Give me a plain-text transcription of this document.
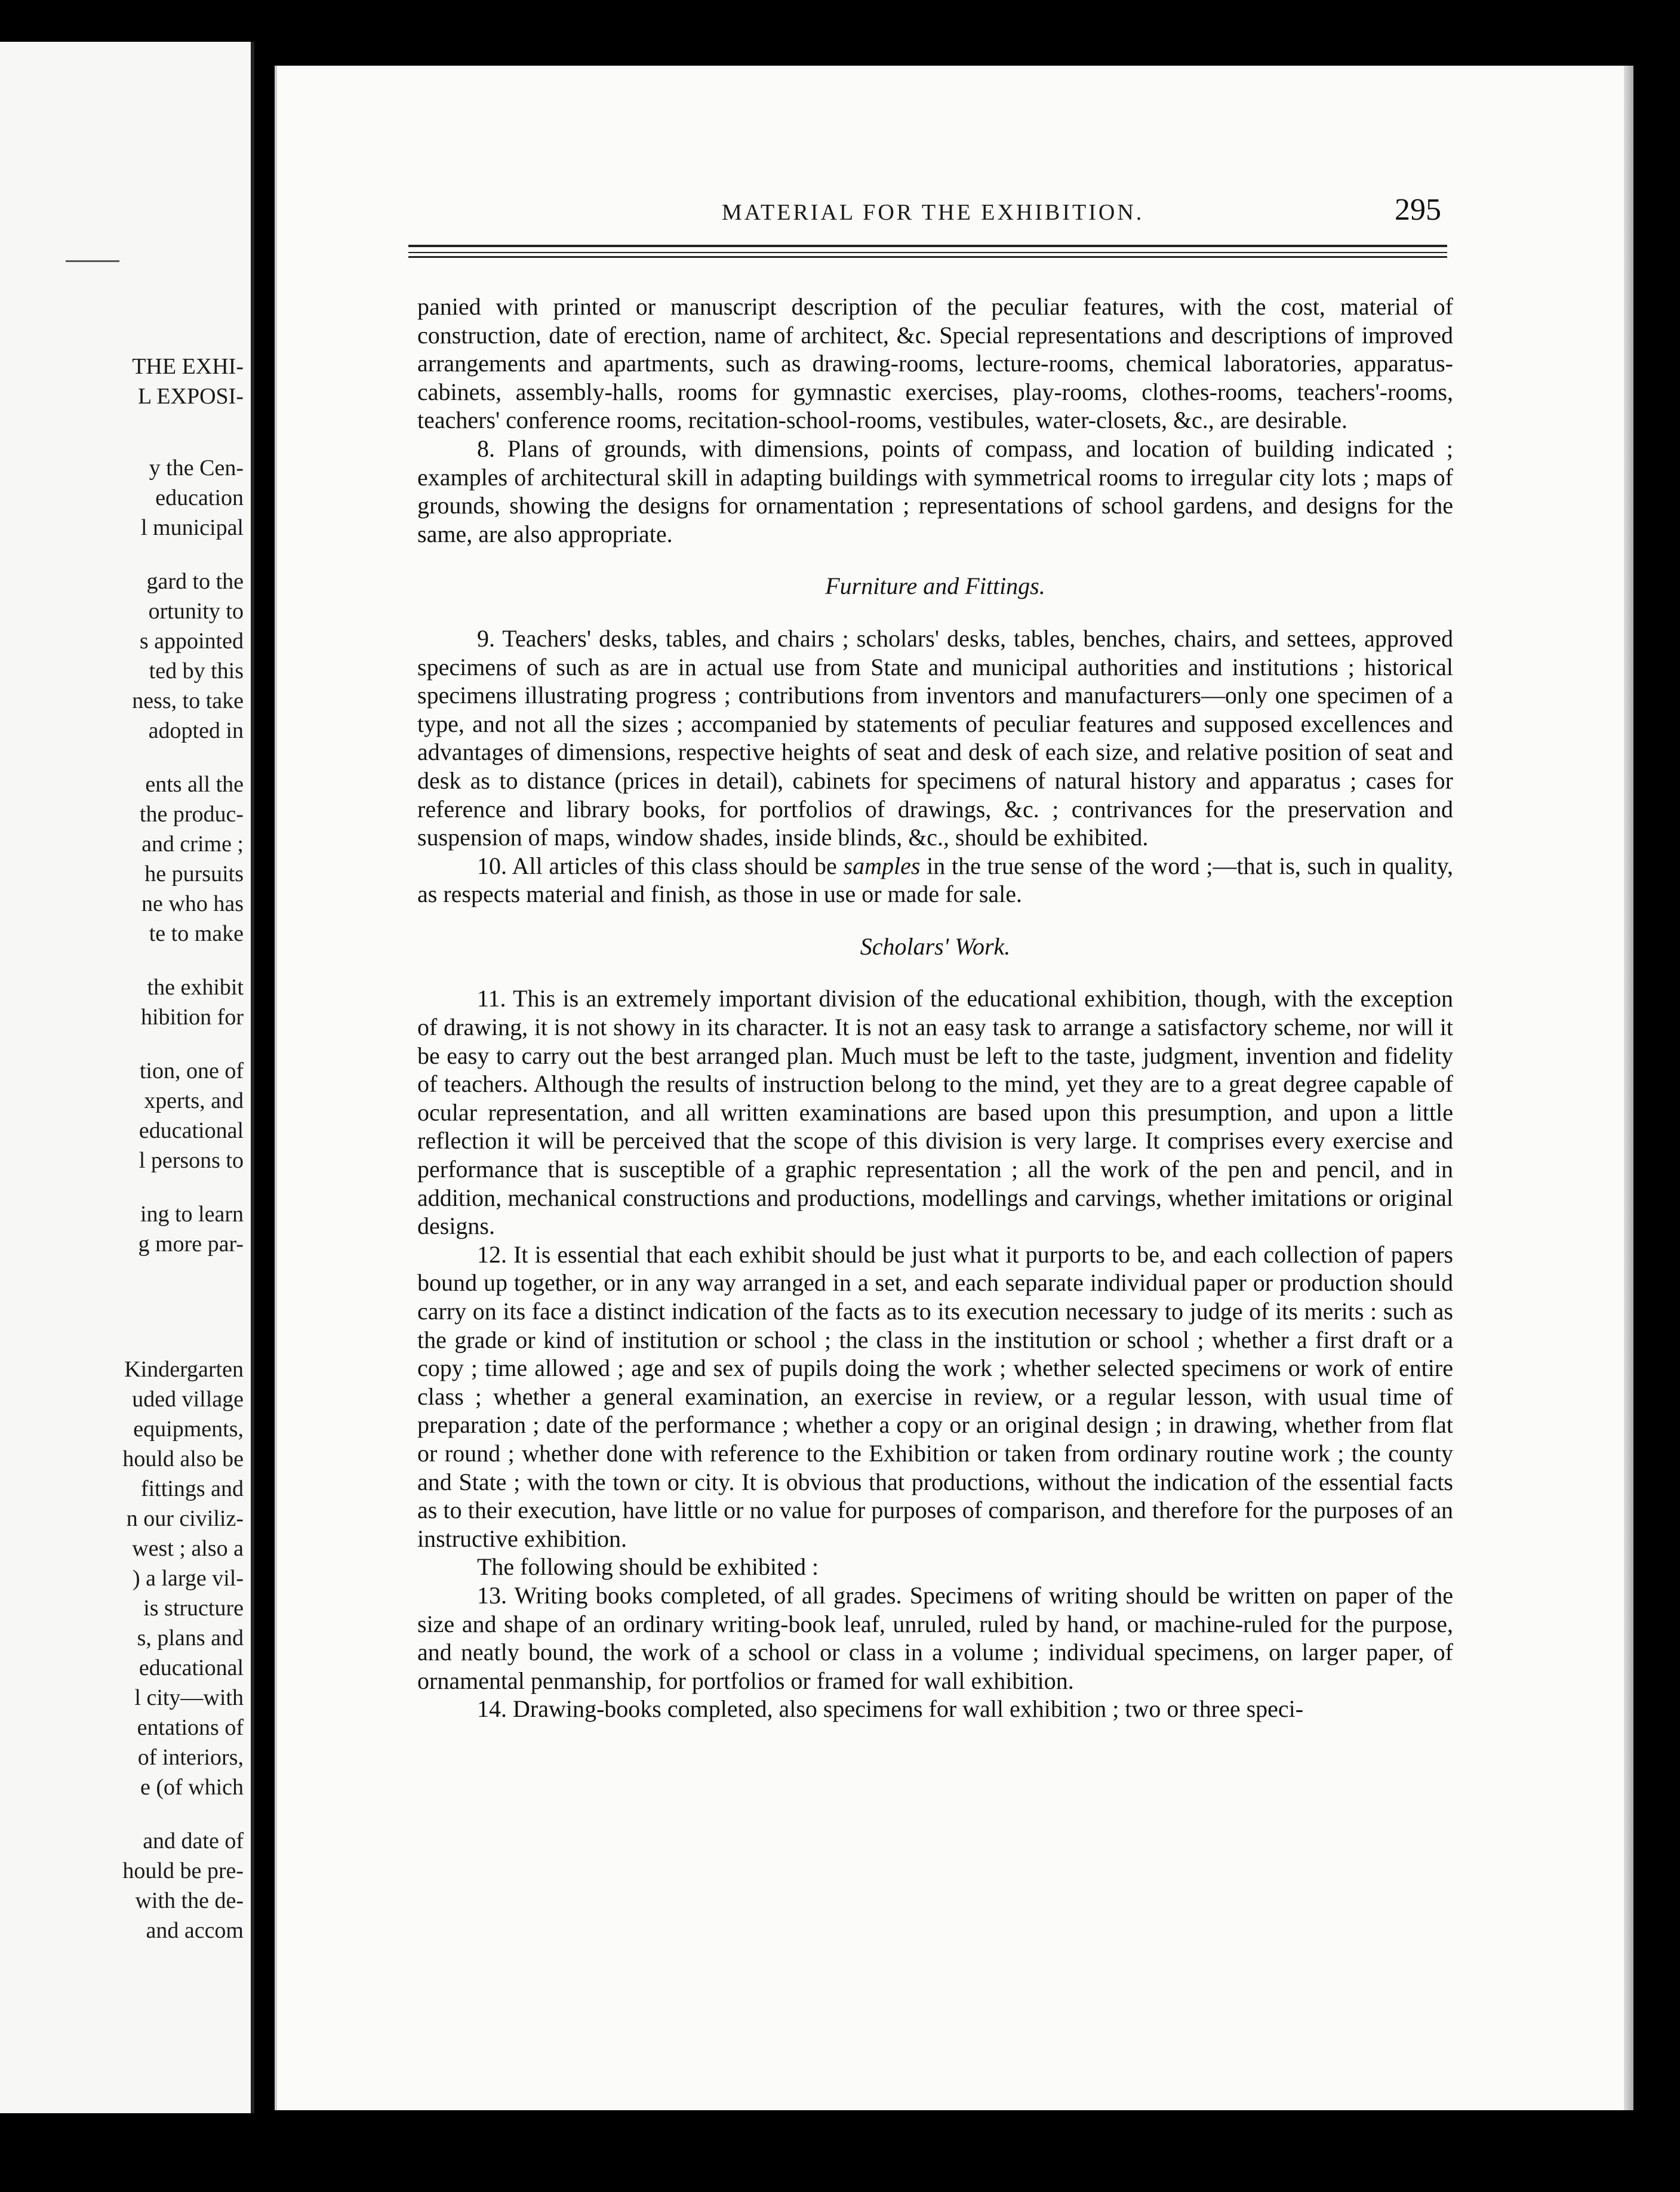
THE EXHI-
L EXPOSI-
y the Cen-
education
l municipal
gard to the
ortunity to
s appointed
ted by this
ness, to take
adopted in
ents all the
the produc-
and crime ;
he pursuits
ne who has
te to make
the exhibit
hibition for
tion, one of
xperts, and
educational
l persons to
ing to learn
g more par-
Kindergarten
uded village
equipments,
hould also be
fittings and
n our civiliz-
west ; also a
) a large vil-
is structure
s, plans and
educational
l city—with
entations of
of interiors,
e (of which
and date of
hould be pre-
with the de-
and accom
MATERIAL FOR THE EXHIBITION.	295

panied with printed or manuscript description of the peculiar features, with the cost, material of construction, date of erection, name of architect, &c. Special representations and descriptions of improved arrangements and apartments, such as drawing-rooms, lecture-rooms, chemical laboratories, apparatus-cabinets, assembly-halls, rooms for gymnastic exercises, play-rooms, clothes-rooms, teachers'-rooms, teachers' conference rooms, recitation-school-rooms, vestibules, water-closets, &c., are desirable.

8. Plans of grounds, with dimensions, points of compass, and location of building indicated ; examples of architectural skill in adapting buildings with symmetrical rooms to irregular city lots ; maps of grounds, showing the designs for ornamentation ; representations of school gardens, and designs for the same, are also appropriate.

Furniture and Fittings.

9. Teachers' desks, tables, and chairs ; scholars' desks, tables, benches, chairs, and settees, approved specimens of such as are in actual use from State and municipal authorities and institutions ; historical specimens illustrating progress ; contributions from inventors and manufacturers—only one specimen of a type, and not all the sizes ; accompanied by statements of peculiar features and supposed excellences and advantages of dimensions, respective heights of seat and desk of each size, and relative position of seat and desk as to distance (prices in detail), cabinets for specimens of natural history and apparatus ; cases for reference and library books, for portfolios of drawings, &c. ; contrivances for the preservation and suspension of maps, window shades, inside blinds, &c., should be exhibited.

10. All articles of this class should be samples in the true sense of the word ;—that is, such in quality, as respects material and finish, as those in use or made for sale.

Scholars' Work.

11. This is an extremely important division of the educational exhibition, though, with the exception of drawing, it is not showy in its character. It is not an easy task to arrange a satisfactory scheme, nor will it be easy to carry out the best arranged plan. Much must be left to the taste, judgment, invention and fidelity of teachers. Although the results of instruction belong to the mind, yet they are to a great degree capable of ocular representation, and all written examinations are based upon this presumption, and upon a little reflection it will be perceived that the scope of this division is very large. It comprises every exercise and performance that is susceptible of a graphic representation ; all the work of the pen and pencil, and in addition, mechanical constructions and productions, modellings and carvings, whether imitations or original designs.

12. It is essential that each exhibit should be just what it purports to be, and each collection of papers bound up together, or in any way arranged in a set, and each separate individual paper or production should carry on its face a distinct indication of the facts as to its execution necessary to judge of its merits : such as the grade or kind of institution or school ; the class in the institution or school ; whether a first draft or a copy ; time allowed ; age and sex of pupils doing the work ; whether selected specimens or work of entire class ; whether a general examination, an exercise in review, or a regular lesson, with usual time of preparation ; date of the performance ; whether a copy or an original design ; in drawing, whether from flat or round ; whether done with reference to the Exhibition or taken from ordinary routine work ; the county and State ; with the town or city. It is obvious that productions, without the indication of the essential facts as to their execution, have little or no value for purposes of comparison, and therefore for the purposes of an instructive exhibition.

The following should be exhibited :

13. Writing books completed, of all grades. Specimens of writing should be written on paper of the size and shape of an ordinary writing-book leaf, unruled, ruled by hand, or machine-ruled for the purpose, and neatly bound, the work of a school or class in a volume ; individual specimens, on larger paper, of ornamental penmanship, for portfolios or framed for wall exhibition.

14. Drawing-books completed, also specimens for wall exhibition ; two or three speci-
